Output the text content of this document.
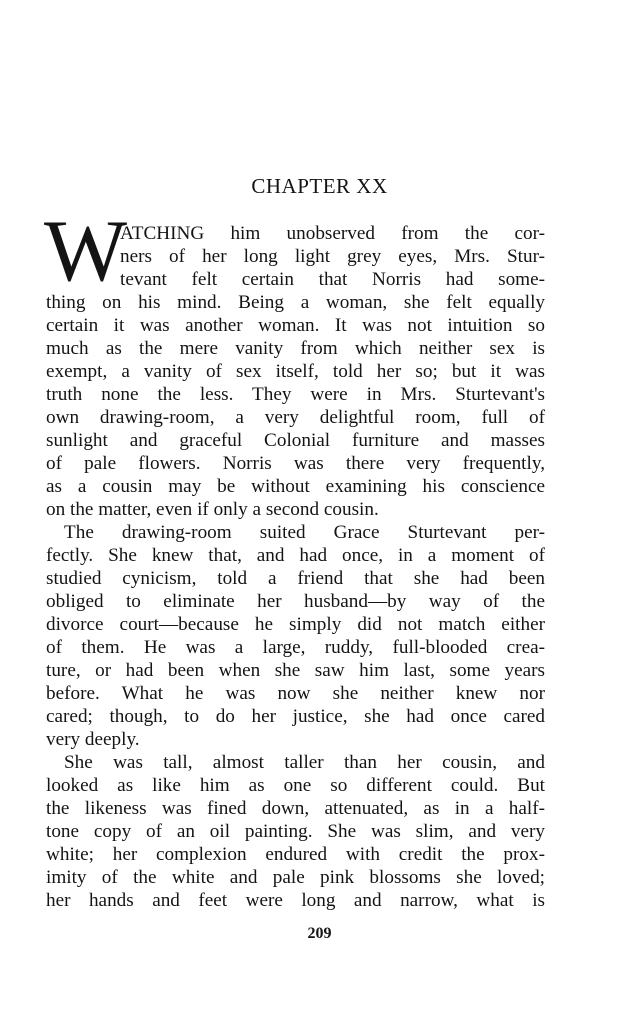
CHAPTER XX
W
ATCHING him unobserved from the cor-
ners of her long light grey eyes, Mrs. Stur-
tevant felt certain that Norris had some-
thing on his mind. Being a woman, she felt equally
certain it was another woman. It was not intuition so
much as the mere vanity from which neither sex is
exempt, a vanity of sex itself, told her so; but it was
truth none the less. They were in Mrs. Sturtevant's
own drawing-room, a very delightful room, full of
sunlight and graceful Colonial furniture and masses
of pale flowers. Norris was there very frequently,
as a cousin may be without examining his conscience
on the matter, even if only a second cousin.
The drawing-room suited Grace Sturtevant per-
fectly. She knew that, and had once, in a moment of
studied cynicism, told a friend that she had been
obliged to eliminate her husband—by way of the
divorce court—because he simply did not match either
of them. He was a large, ruddy, full-blooded crea-
ture, or had been when she saw him last, some years
before. What he was now she neither knew nor
cared; though, to do her justice, she had once cared
very deeply.
She was tall, almost taller than her cousin, and
looked as like him as one so different could. But
the likeness was fined down, attenuated, as in a half-
tone copy of an oil painting. She was slim, and very
white; her complexion endured with credit the prox-
imity of the white and pale pink blossoms she loved;
her hands and feet were long and narrow, what is
209
